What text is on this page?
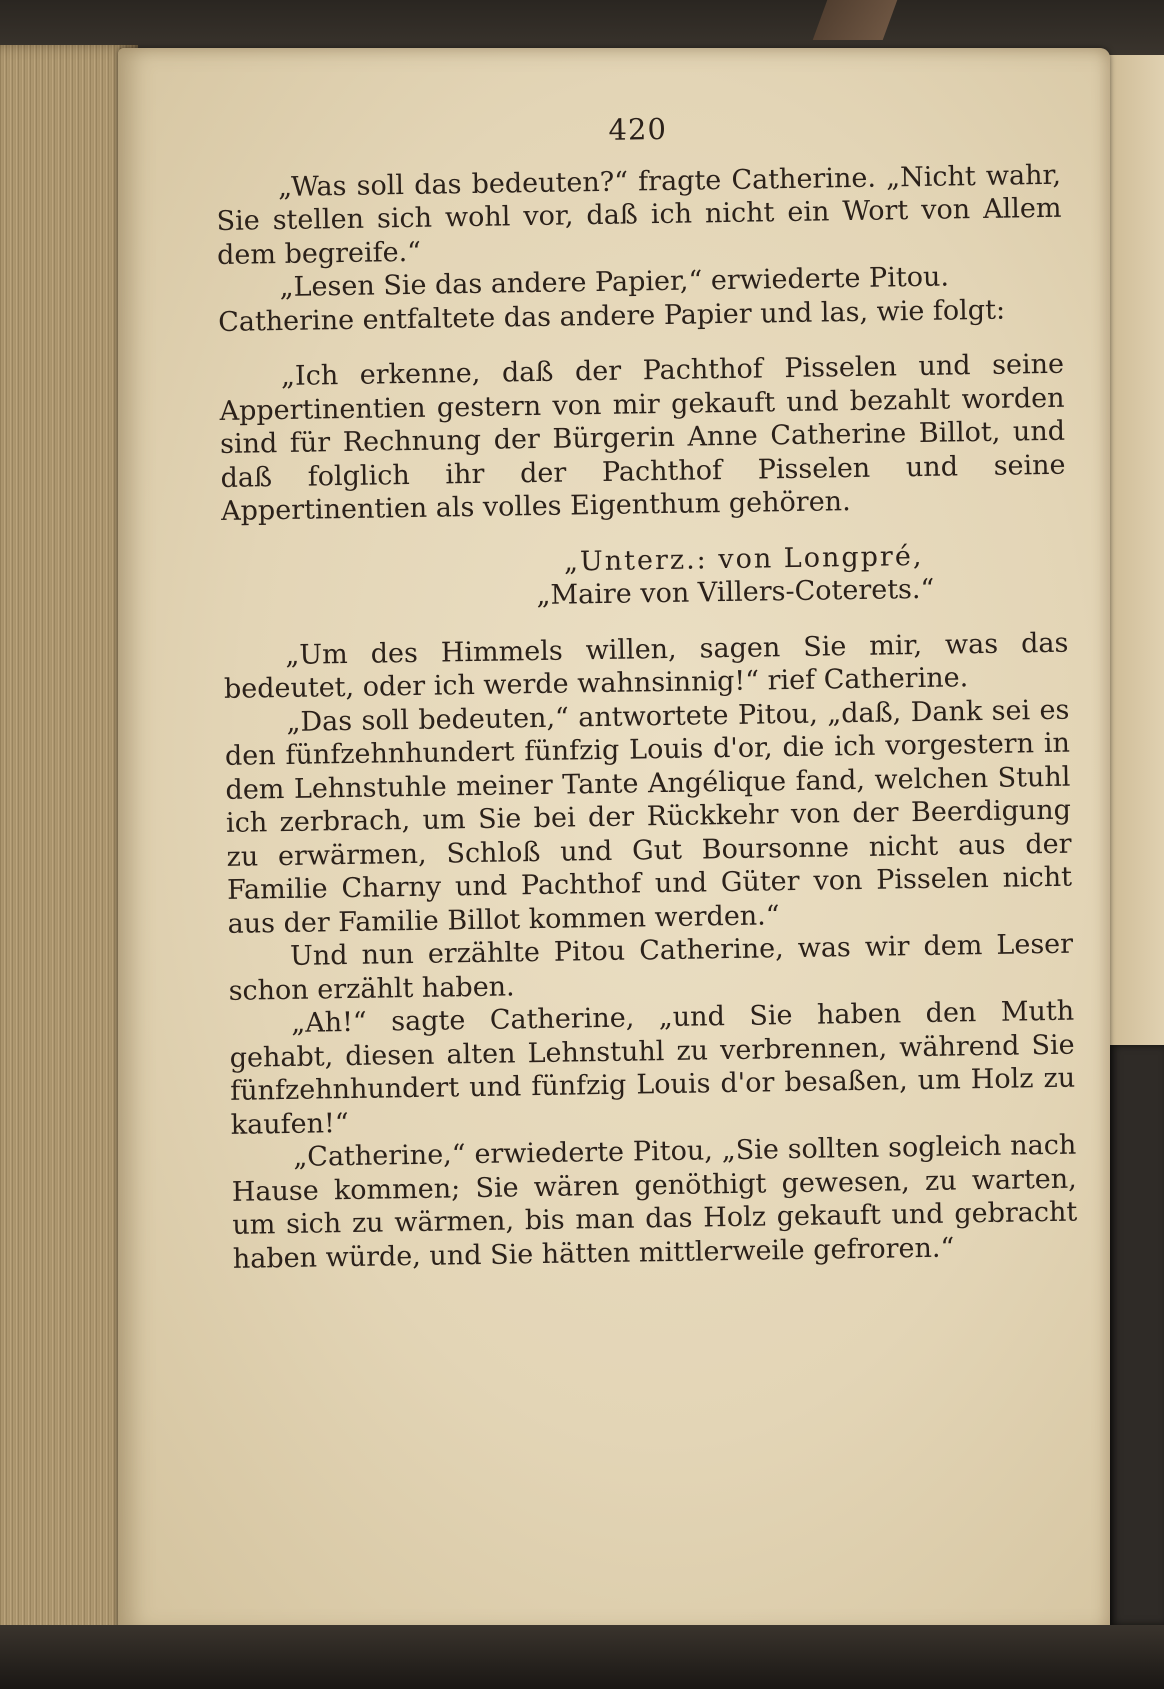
420

„Was soll das bedeuten?“ fragte Catherine. „Nicht wahr, Sie stellen sich wohl vor, daß ich nicht ein Wort von Allem dem begreife.“

„Lesen Sie das andere Papier,“ erwiederte Pitou.

Catherine entfaltete das andere Papier und las, wie folgt:

„Ich erkenne, daß der Pachthof Pisselen und seine Appertinentien gestern von mir gekauft und bezahlt worden sind für Rechnung der Bürgerin Anne Catherine Billot, und daß folglich ihr der Pachthof Pisselen und seine Appertinentien als volles Eigenthum gehören.

„Unterz.: von Longpré,

„Maire von Villers-Coterets.“

„Um des Himmels willen, sagen Sie mir, was das bedeutet, oder ich werde wahnsinnig!“ rief Catherine.

„Das soll bedeuten,“ antwortete Pitou, „daß, Dank sei es den fünfzehnhundert fünfzig Louis d'or, die ich vorgestern in dem Lehnstuhle meiner Tante Angélique fand, welchen Stuhl ich zerbrach, um Sie bei der Rückkehr von der Beerdigung zu erwärmen, Schloß und Gut Boursonne nicht aus der Familie Charny und Pachthof und Güter von Pisselen nicht aus der Familie Billot kommen werden.“

Und nun erzählte Pitou Catherine, was wir dem Leser schon erzählt haben.

„Ah!“ sagte Catherine, „und Sie haben den Muth gehabt, diesen alten Lehnstuhl zu verbrennen, während Sie fünfzehnhundert und fünfzig Louis d'or besaßen, um Holz zu kaufen!“

„Catherine,“ erwiederte Pitou, „Sie sollten sogleich nach Hause kommen; Sie wären genöthigt gewesen, zu warten, um sich zu wärmen, bis man das Holz gekauft und gebracht haben würde, und Sie hätten mittlerweile gefroren.“
